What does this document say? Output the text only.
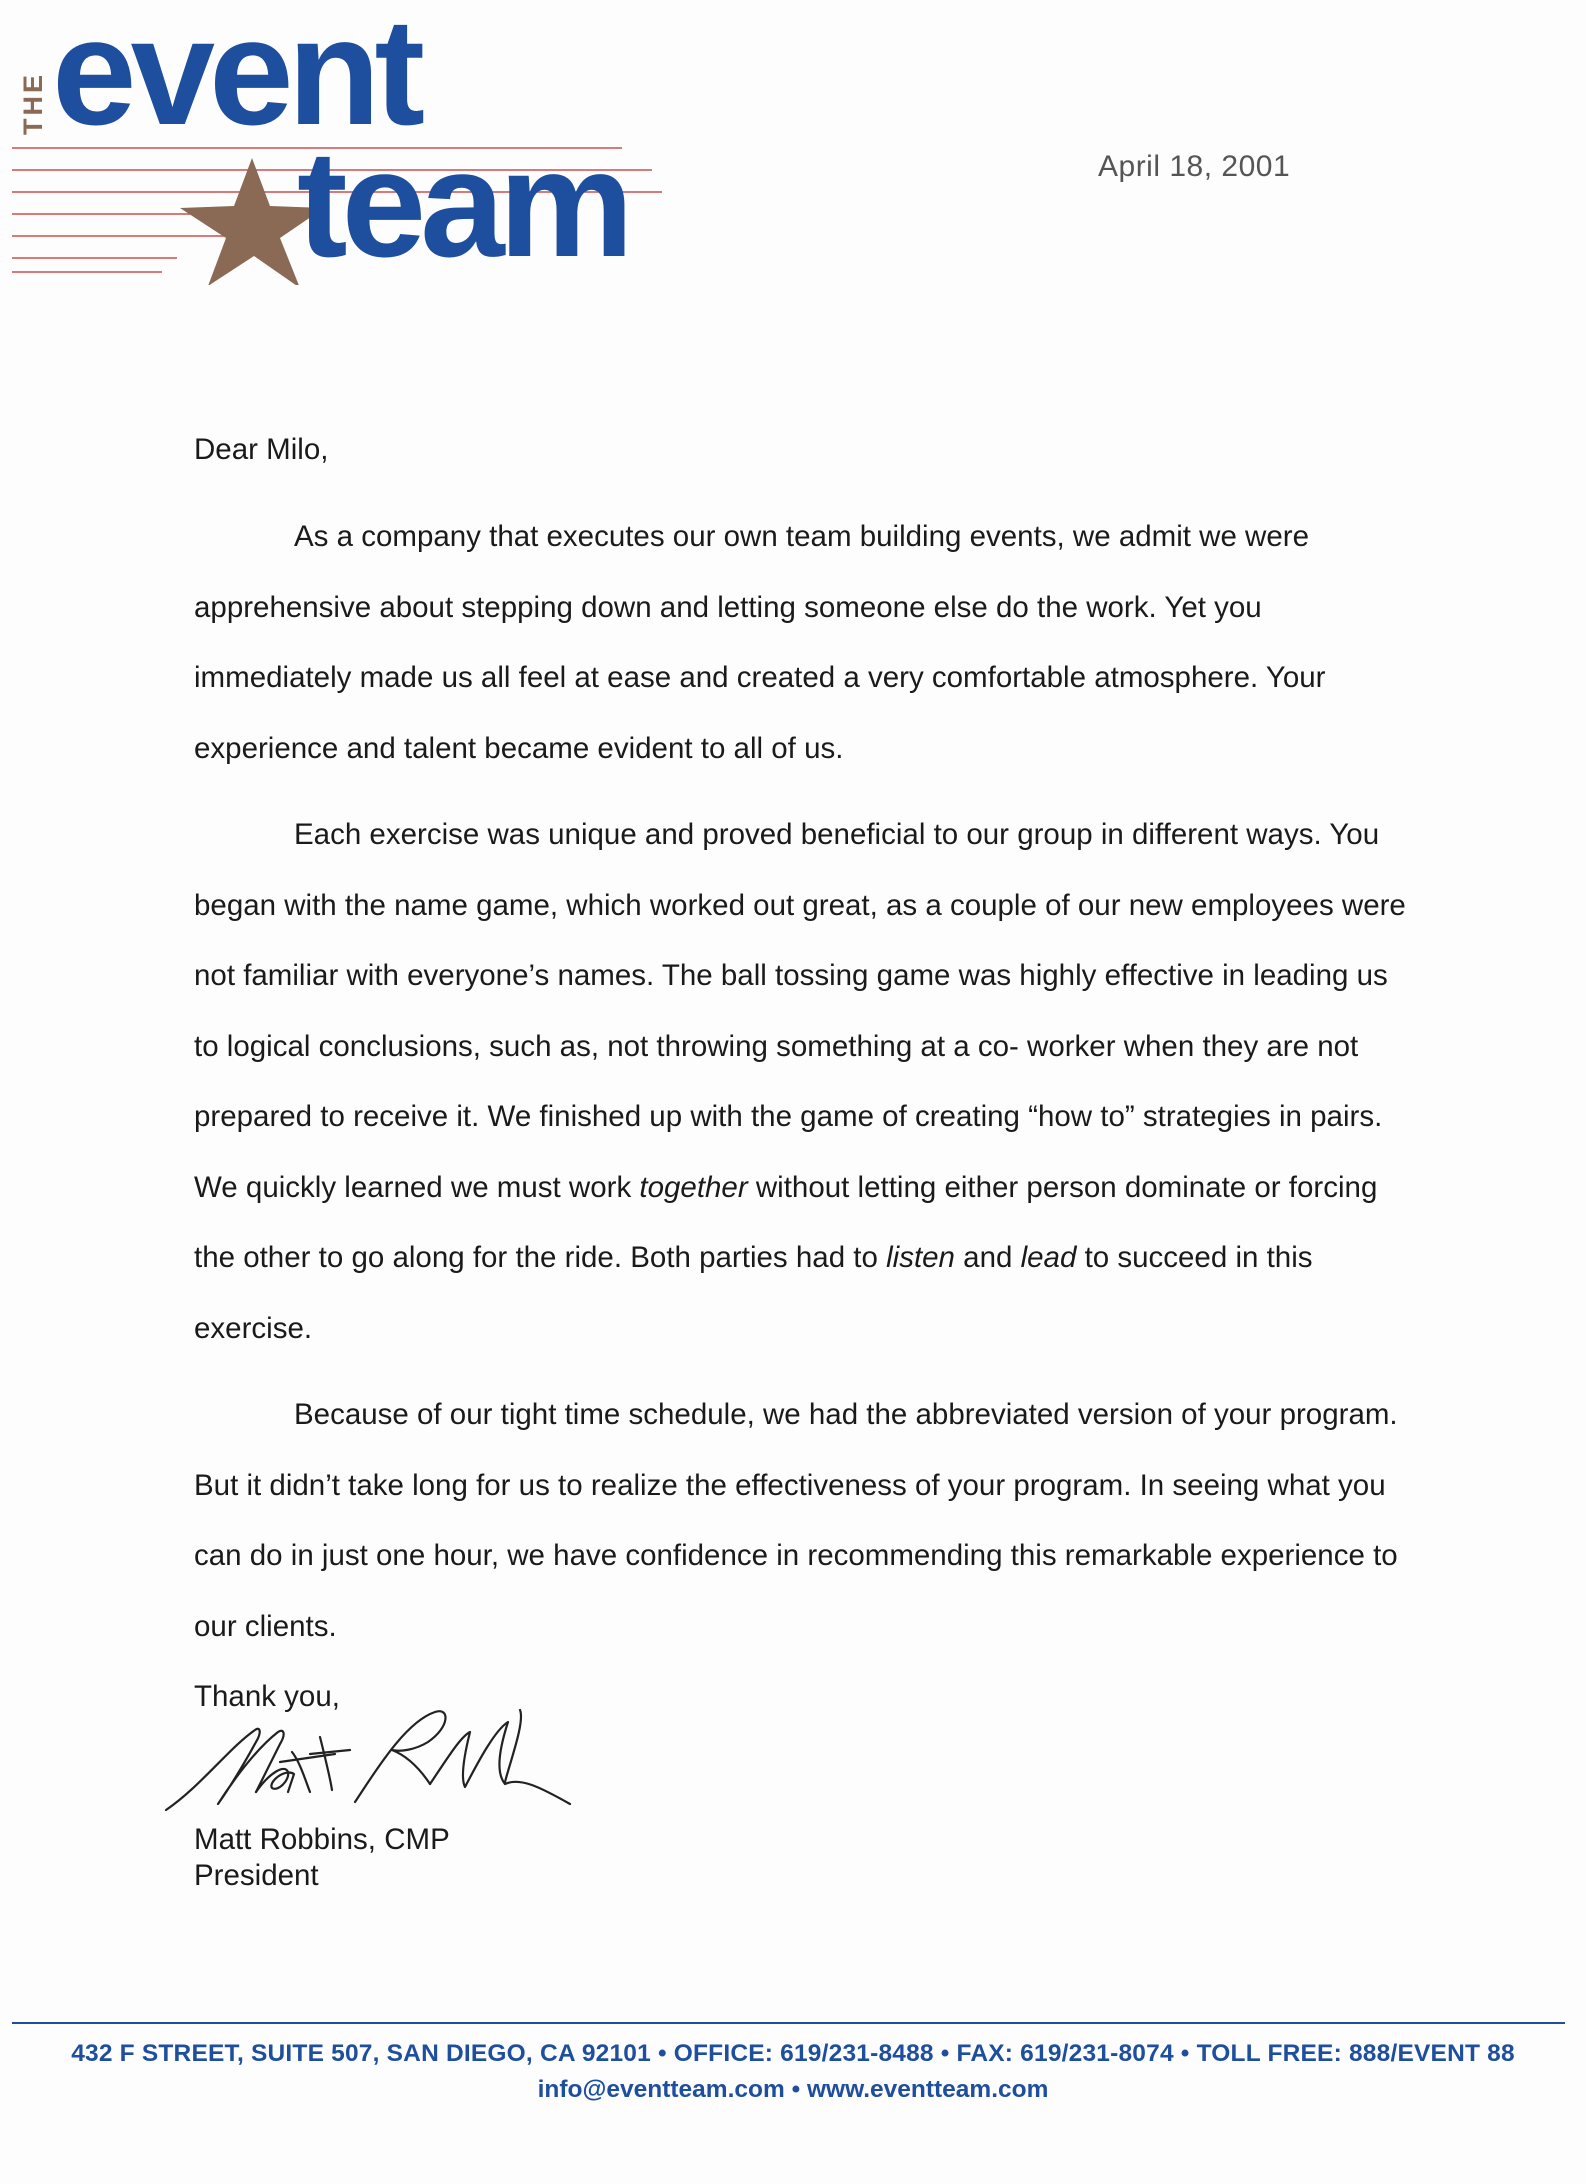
THE event
team	April 18, 2001

Dear Milo,

As a company that executes our own team building events, we admit we were apprehensive about stepping down and letting someone else do the work. Yet you immediately made us all feel at ease and created a very comfortable atmosphere. Your experience and talent became evident to all of us.

Each exercise was unique and proved beneficial to our group in different ways. You began with the name game, which worked out great, as a couple of our new employees were not familiar with everyone’s names. The ball tossing game was highly effective in leading us to logical conclusions, such as, not throwing something at a co- worker when they are not prepared to receive it. We finished up with the game of creating “how to” strategies in pairs. We quickly learned we must work together without letting either person dominate or forcing the other to go along for the ride. Both parties had to listen and lead to succeed in this exercise.

Because of our tight time schedule, we had the abbreviated version of your program. But it didn’t take long for us to realize the effectiveness of your program. In seeing what you can do in just one hour, we have confidence in recommending this remarkable experience to our clients.

Thank you,

Matt Robbins, CMP
President
432 F STREET, SUITE 507, SAN DIEGO, CA 92101 • OFFICE: 619/231-8488 • FAX: 619/231-8074 • TOLL FREE: 888/EVENT 88
info@eventteam.com • www.eventteam.com
